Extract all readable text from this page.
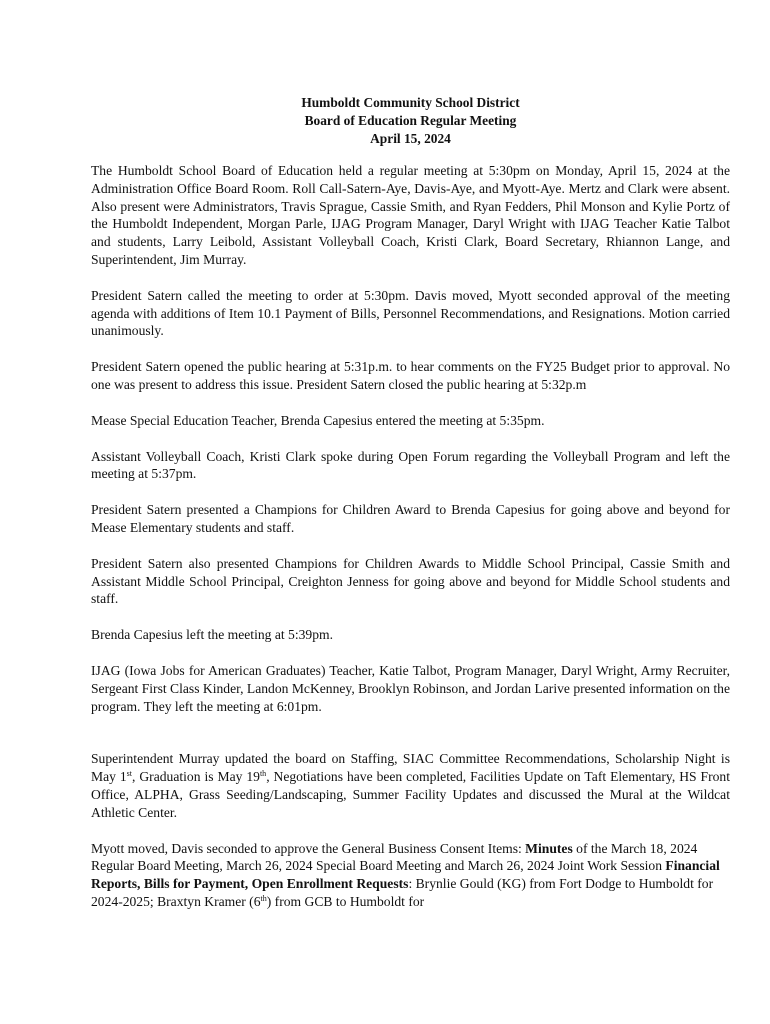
Humboldt Community School District
Board of Education Regular Meeting
April 15, 2024

The Humboldt School Board of Education held a regular meeting at 5:30pm on Monday, April 15, 2024 at the Administration Office Board Room. Roll Call-Satern-Aye, Davis-Aye, and Myott-Aye. Mertz and Clark were absent. Also present were Administrators, Travis Sprague, Cassie Smith, and Ryan Fedders, Phil Monson and Kylie Portz of the Humboldt Independent, Morgan Parle, IJAG Program Manager, Daryl Wright with IJAG Teacher Katie Talbot and students, Larry Leibold, Assistant Volleyball Coach, Kristi Clark, Board Secretary, Rhiannon Lange, and Superintendent, Jim Murray.

President Satern called the meeting to order at 5:30pm. Davis moved, Myott seconded approval of the meeting agenda with additions of Item 10.1 Payment of Bills, Personnel Recommendations, and Resignations. Motion carried unanimously.

President Satern opened the public hearing at 5:31p.m. to hear comments on the FY25 Budget prior to approval. No one was present to address this issue. President Satern closed the public hearing at 5:32p.m

Mease Special Education Teacher, Brenda Capesius entered the meeting at 5:35pm.

Assistant Volleyball Coach, Kristi Clark spoke during Open Forum regarding the Volleyball Program and left the meeting at 5:37pm.

President Satern presented a Champions for Children Award to Brenda Capesius for going above and beyond for Mease Elementary students and staff.

President Satern also presented Champions for Children Awards to Middle School Principal, Cassie Smith and Assistant Middle School Principal, Creighton Jenness for going above and beyond for Middle School students and staff.

Brenda Capesius left the meeting at 5:39pm.

IJAG (Iowa Jobs for American Graduates) Teacher, Katie Talbot, Program Manager, Daryl Wright, Army Recruiter, Sergeant First Class Kinder, Landon McKenney, Brooklyn Robinson, and Jordan Larive presented information on the program. They left the meeting at 6:01pm.

Superintendent Murray updated the board on Staffing, SIAC Committee Recommendations, Scholarship Night is May 1st, Graduation is May 19th, Negotiations have been completed, Facilities Update on Taft Elementary, HS Front Office, ALPHA, Grass Seeding/Landscaping, Summer Facility Updates and discussed the Mural at the Wildcat Athletic Center.

Myott moved, Davis seconded to approve the General Business Consent Items: Minutes of the March 18, 2024 Regular Board Meeting, March 26, 2024 Special Board Meeting and March 26, 2024 Joint Work Session Financial Reports, Bills for Payment, Open Enrollment Requests: Brynlie Gould (KG) from Fort Dodge to Humboldt for 2024-2025; Braxtyn Kramer (6th) from GCB to Humboldt for
